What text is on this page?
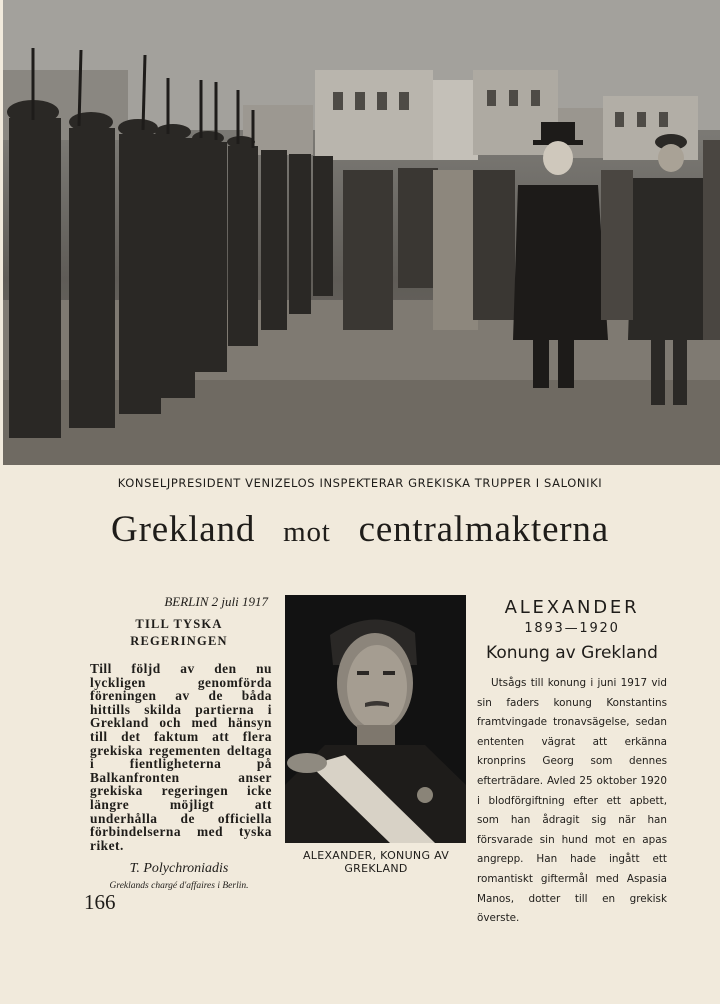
KONSELJPRESIDENT VENIZELOS INSPEKTERAR GREKISKA TRUPPER I SALONIKI
Grekland mot centralmakterna
BERLIN 2 juli 1917
TILL TYSKA REGERINGEN
Till följd av den nu lyckligen genomförda föreningen av de båda hittills skilda partierna i Grekland och med hänsyn till det faktum att flera grekiska regementen deltaga i fientligheterna på Balkanfronten anser grekiska regeringen icke längre möjligt att underhålla de officiella förbindelserna med tyska riket.
T. Polychroniadis
Greklands chargé d'affaires i Berlin.
166
ALEXANDER, KONUNG AV GREKLAND
ALEXANDER
1893—1920
Konung av Grekland
Utsågs till konung i juni 1917 vid sin faders konung Konstantins framtvingade tronavsägelse, sedan ententen vägrat att erkänna kronprins Georg som dennes efterträdare. Avled 25 oktober 1920 i blodförgiftning efter ett apbett, som han ådragit sig när han försvarade sin hund mot en apas angrepp. Han hade ingått ett romantiskt giftermål med Aspasia Manos, dotter till en grekisk överste.
